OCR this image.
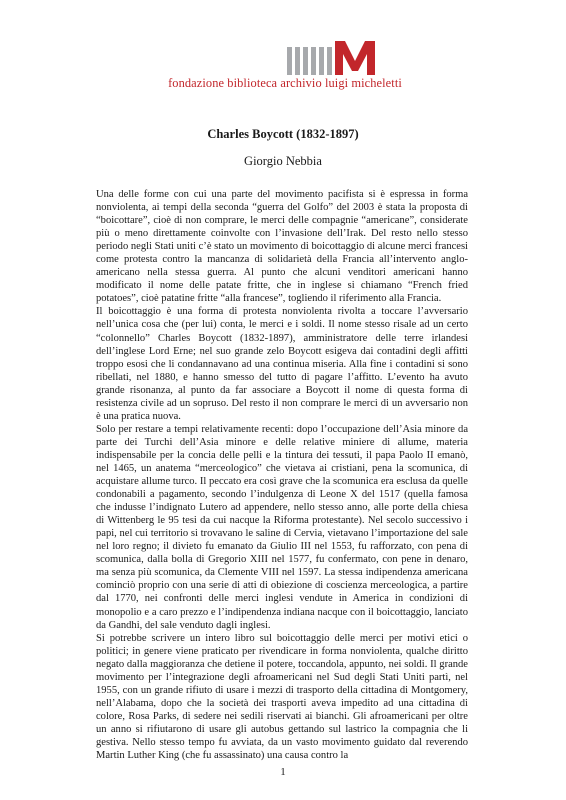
fondazione biblioteca archivio luigi micheletti
Charles Boycott (1832-1897)
Giorgio Nebbia

Una delle forme con cui una parte del movimento pacifista si è espressa in forma nonviolenta, ai tempi della seconda “guerra del Golfo” del 2003 è stata la proposta di “boicottare”, cioè di non comprare, le merci delle compagnie “americane”, considerate più o meno direttamente coinvolte con l’invasione dell’Irak. Del resto nello stesso periodo negli Stati uniti c’è stato un movimento di boicottaggio di alcune merci francesi come protesta contro la mancanza di solidarietà della Francia all’intervento anglo-americano nella stessa guerra. Al punto che alcuni venditori americani hanno modificato il nome delle patate fritte, che in inglese si chiamano “French fried potatoes”, cioè patatine fritte “alla francese”, togliendo il riferimento alla Francia.

Il boicottaggio è una forma di protesta nonviolenta rivolta a toccare l’avversario nell’unica cosa che (per lui) conta, le merci e i soldi. Il nome stesso risale ad un certo “colonnello” Charles Boycott (1832-1897), amministratore delle terre irlandesi dell’inglese Lord Erne; nel suo grande zelo Boycott esigeva dai contadini degli affitti troppo esosi che li condannavano ad una continua miseria. Alla fine i contadini si sono ribellati, nel 1880, e hanno smesso del tutto di pagare l’affitto. L’evento ha avuto grande risonanza, al punto da far associare a Boycott il nome di questa forma di resistenza civile ad un sopruso. Del resto il non comprare le merci di un avversario non è una pratica nuova.

Solo per restare a tempi relativamente recenti: dopo l’occupazione dell’Asia minore da parte dei Turchi dell’Asia minore e delle relative miniere di allume, materia indispensabile per la concia delle pelli e la tintura dei tessuti, il papa Paolo II emanò, nel 1465, un anatema “merceologico” che vietava ai cristiani, pena la scomunica, di acquistare allume turco. Il peccato era così grave che la scomunica era esclusa da quelle condonabili a pagamento, secondo l’indulgenza di Leone X del 1517 (quella famosa che indusse l’indignato Lutero ad appendere, nello stesso anno, alle porte della chiesa di Wittenberg le 95 tesi da cui nacque la Riforma protestante). Nel secolo successivo i papi, nel cui territorio si trovavano le saline di Cervia, vietavano l’importazione del sale nel loro regno; il divieto fu emanato da Giulio III nel 1553, fu rafforzato, con pena di scomunica, dalla bolla di Gregorio XIII nel 1577, fu confermato, con pene in denaro, ma senza più scomunica, da Clemente VIII nel 1597. La stessa indipendenza americana cominciò proprio con una serie di atti di obiezione di coscienza merceologica, a partire dal 1770, nei confronti delle merci inglesi vendute in America in condizioni di monopolio e a caro prezzo e l’indipendenza indiana nacque con il boicottaggio, lanciato da Gandhi, del sale venduto dagli inglesi.

Si potrebbe scrivere un intero libro sul boicottaggio delle merci per motivi etici o politici; in genere viene praticato per rivendicare in forma nonviolenta, qualche diritto negato dalla maggioranza che detiene il potere, toccandola, appunto, nei soldi. Il grande movimento per l’integrazione degli afroamericani nel Sud degli Stati Uniti partì, nel 1955, con un grande rifiuto di usare i mezzi di trasporto della cittadina di Montgomery, nell’Alabama, dopo che la società dei trasporti aveva impedito ad una cittadina di colore, Rosa Parks, di sedere nei sedili riservati ai bianchi. Gli afroamericani per oltre un anno si rifiutarono di usare gli autobus gettando sul lastrico la compagnia che li gestiva. Nello stesso tempo fu avviata, da un vasto movimento guidato dal reverendo Martin Luther King (che fu assassinato) una causa contro la

1
